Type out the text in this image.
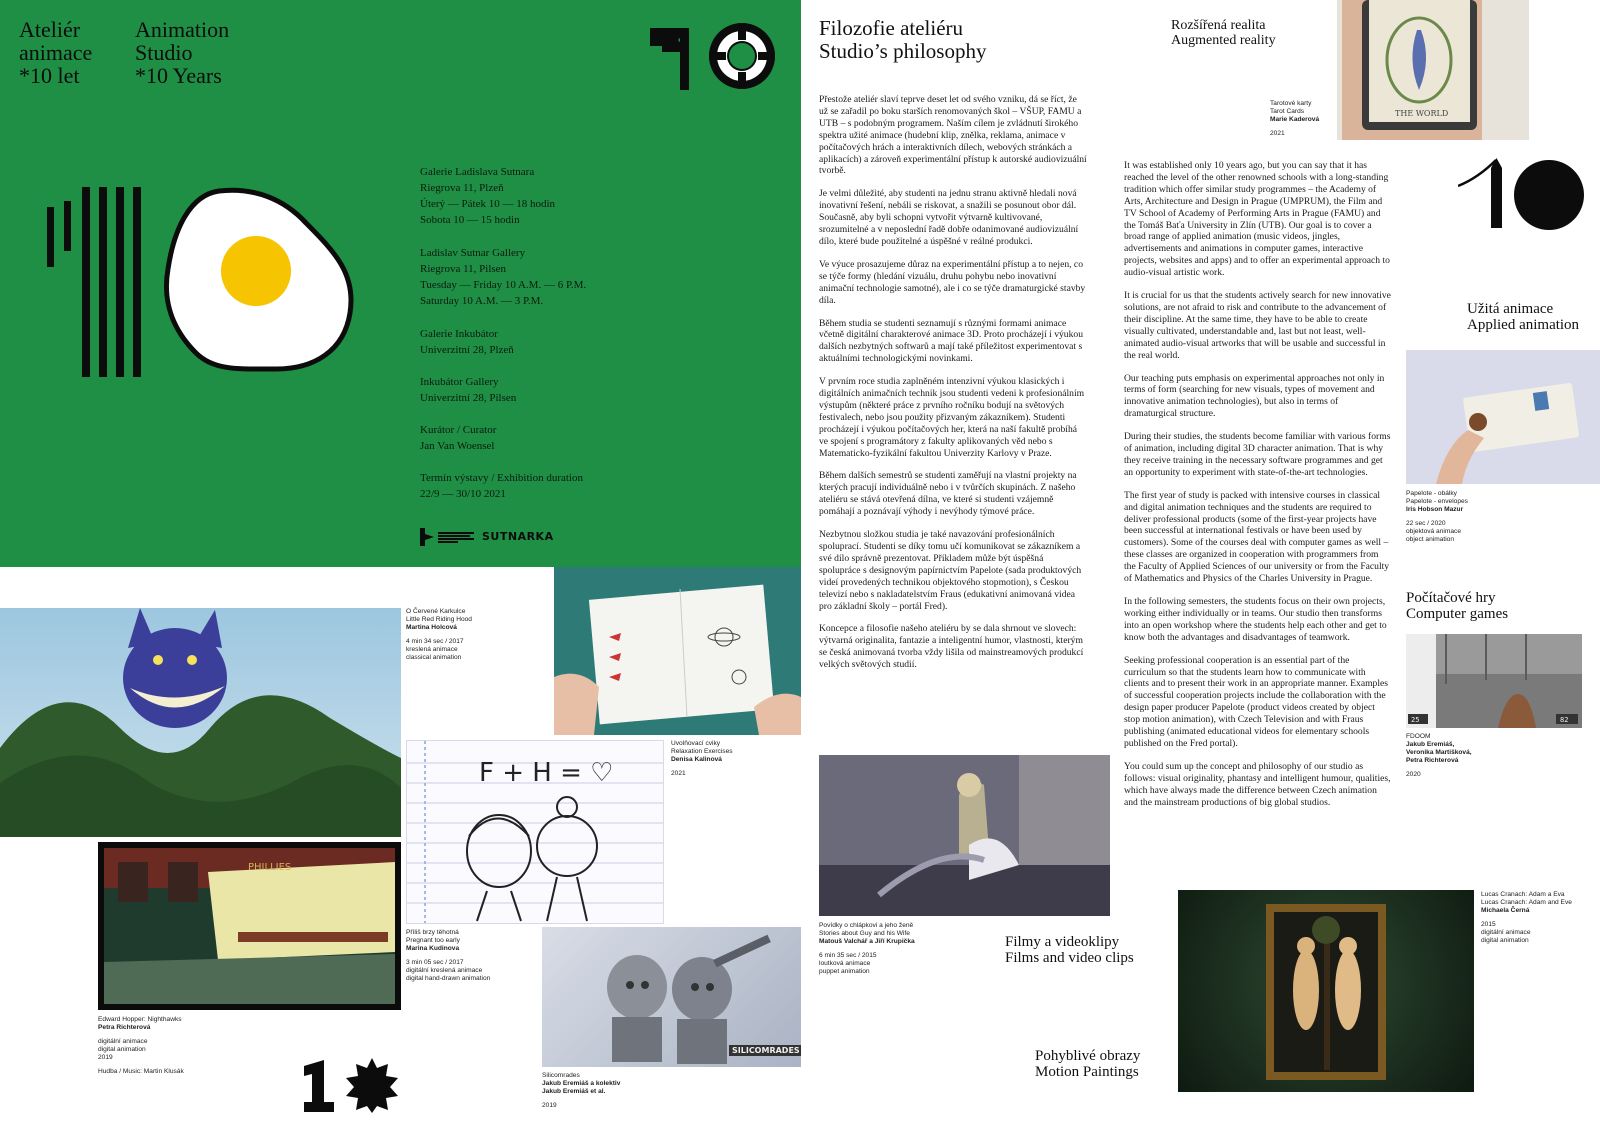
Ateliér
animace
*10 let
Animation
Studio
*10 Years
Galerie Ladislava Sutnara
Riegrova 11, Plzeň
Úterý — Pátek 10 — 18 hodin
Sobota 10 — 15 hodin
Ladislav Sutnar Gallery
Riegrova 11, Pilsen
Tuesday — Friday 10 A.M. — 6 P.M.
Saturday 10 A.M. — 3 P.M.
Galerie Inkubátor
Univerzitní 28, Plzeň
Inkubátor Gallery
Univerzitní 28, Pilsen
Kurátor / Curator
Jan Van Woensel
Termín výstavy / Exhibition duration
22/9 — 30/10 2021
SUTNARKA
O Červené Karkulce
Little Red Riding Hood
Martina Holcová
4 min 34 sec / 2017
kreslená animace
classical animation
Uvolňovací cviky
Relaxation Exercises
Denisa Kalinová
2021
F + H = ♡
Příliš brzy těhotná
Pregnant too early
Marina Kudinova
3 min 05 sec / 2017
digitální kreslená animace
digital hand-drawn animation
PHILLIES
Edward Hopper: Nighthawks
Petra Richterová
digitální animace
digital animation
2019
Hudba / Music: Martin Klusák
SILICOMRADES
Silicomrades
Jakub Eremiáš a kolektiv
Jakub Eremiáš et al.
2019
Filozofie ateliéru
Studio’s philosophy

Přestože ateliér slaví teprve deset let od svého vzniku, dá se říct, že už se zařadil po boku starších renomovaných škol – VŠUP, FAMU a UTB – s podobným programem. Naším cílem je zvládnutí širokého spektra užité animace (hudební klip, znělka, reklama, animace v počítačových hrách a interaktivních dílech, webových stránkách a aplikacích) a zároveň experimentální přístup k autorské audiovizuální tvorbě.

Je velmi důležité, aby studenti na jednu stranu aktivně hledali nová inovativní řešení, nebáli se riskovat, a snažili se posunout obor dál. Současně, aby byli schopni vytvořit výtvarně kultivované, srozumitelné a v neposlední řadě dobře odanimované audiovizuální dílo, které bude použitelné a úspěšné v reálné produkci.

Ve výuce prosazujeme důraz na experimentální přístup a to nejen, co se týče formy (hledání vizuálu, druhu pohybu nebo inovativní animační technologie samotné), ale i co se týče dramaturgické stavby díla.

Během studia se studenti seznamují s různými formami animace včetně digitální charakterové animace 3D. Proto procházejí i výukou dalších nezbytných softwarů a mají také příležitost experimentovat s aktuálními technologickými novinkami.

V prvním roce studia zaplněném intenzivní výukou klasických i digitálních animačních technik jsou studenti vedeni k profesionálním výstupům (některé práce z prvního ročníku bodují na světových festivalech, nebo jsou použity přizvaným zákazníkem). Studenti procházejí i výukou počítačových her, která na naší fakultě probíhá ve spojení s programátory z fakulty aplikovaných věd nebo s Matematicko-fyzikální fakultou Univerzity Karlovy v Praze.

Během dalších semestrů se studenti zaměřují na vlastní projekty na kterých pracují individuálně nebo i v tvůrčích skupinách. Z našeho ateliéru se stává otevřená dílna, ve které si studenti vzájemně pomáhají a poznávají výhody i nevýhody týmové práce.

Nezbytnou složkou studia je také navazování profesionálních spoluprací. Studenti se díky tomu učí komunikovat se zákazníkem a své dílo správně prezentovat. Příkladem může být úspěšná spolupráce s designovým papírnictvím Papelote (sada produktových videí provedených technikou objektového stopmotion), s Českou televizí nebo s nakladatelstvím Fraus (edukativní animovaná videa pro základní školy – portál Fred).

Koncepce a filosofie našeho ateliéru by se dala shrnout ve slovech: výtvarná originalita, fantazie a inteligentní humor, vlastnosti, kterým se česká animovaná tvorba vždy lišila od mainstreamových produkcí velkých světových studií.

It was established only 10 years ago, but you can say that it has reached the level of the other renowned schools with a long-standing tradition which offer similar study programmes – the Academy of Arts, Architecture and Design in Prague (UMPRUM), the Film and TV School of Academy of Performing Arts in Prague (FAMU) and the Tomáš Baťa University in Zlín (UTB). Our goal is to cover a broad range of applied animation (music videos, jingles, advertisements and animations in computer games, interactive projects, websites and apps) and to offer an experimental approach to audio-visual artistic work.

It is crucial for us that the students actively search for new innovative solutions, are not afraid to risk and contribute to the advancement of their discipline. At the same time, they have to be able to create visually cultivated, understandable and, last but not least, well-animated audio-visual artworks that will be usable and successful in the real world.

Our teaching puts emphasis on experimental approaches not only in terms of form (searching for new visuals, types of movement and innovative animation technologies), but also in terms of dramaturgical structure.

During their studies, the students become familiar with various forms of animation, including digital 3D character animation. That is why they receive training in the necessary software programmes and get an opportunity to experiment with state-of-the-art technologies.

The first year of study is packed with intensive courses in classical and digital animation techniques and the students are required to deliver professional products (some of the first-year projects have been successful at international festivals or have been used by customers). Some of the courses deal with computer games as well – these classes are organized in cooperation with programmers from the Faculty of Applied Sciences of our university or from the Faculty of Mathematics and Physics of the Charles University in Prague.

In the following semesters, the students focus on their own projects, working either individually or in teams. Our studio then transforms into an open workshop where the students help each other and get to know both the advantages and disadvantages of teamwork.

Seeking professional cooperation is an essential part of the curriculum so that the students learn how to communicate with clients and to present their work in an appropriate manner. Examples of successful cooperation projects include the collaboration with the design paper producer Papelote (product videos created by object stop motion animation), with Czech Television and with Fraus publishing (animated educational videos for elementary schools published on the Fred portal).

You could sum up the concept and philosophy of our studio as follows: visual originality, phantasy and intelligent humour, qualities, which have always made the difference between Czech animation and the mainstream productions of big global studios.

Rozšířená realita
Augmented reality
THE WORLD
Tarotové karty
Tarot Cards
Marie Kaderová
2021
Užitá animace
Applied animation
Papelote - obálky
Papelote - envelopes
Iris Hobson Mazur
22 sec / 2020
objektová animace
object animation
Počítačové hry
Computer games
25	82
FDOOM
Jakub Eremiáš,
Veronika Martišková,
Petra Richterová
2020
Povídky o chlápkovi a jeho ženě
Stories about Guy and his Wife
Matouš Valchář a Jiří Krupička
6 min 35 sec / 2015
loutková animace
puppet animation
Filmy a videoklipy
Films and video clips
Pohyblivé obrazy
Motion Paintings
Lucas Cranach: Adam a Eva
Lucas Cranach: Adam and Eve
Michaela Černá
2015
digitální animace
digital animation
